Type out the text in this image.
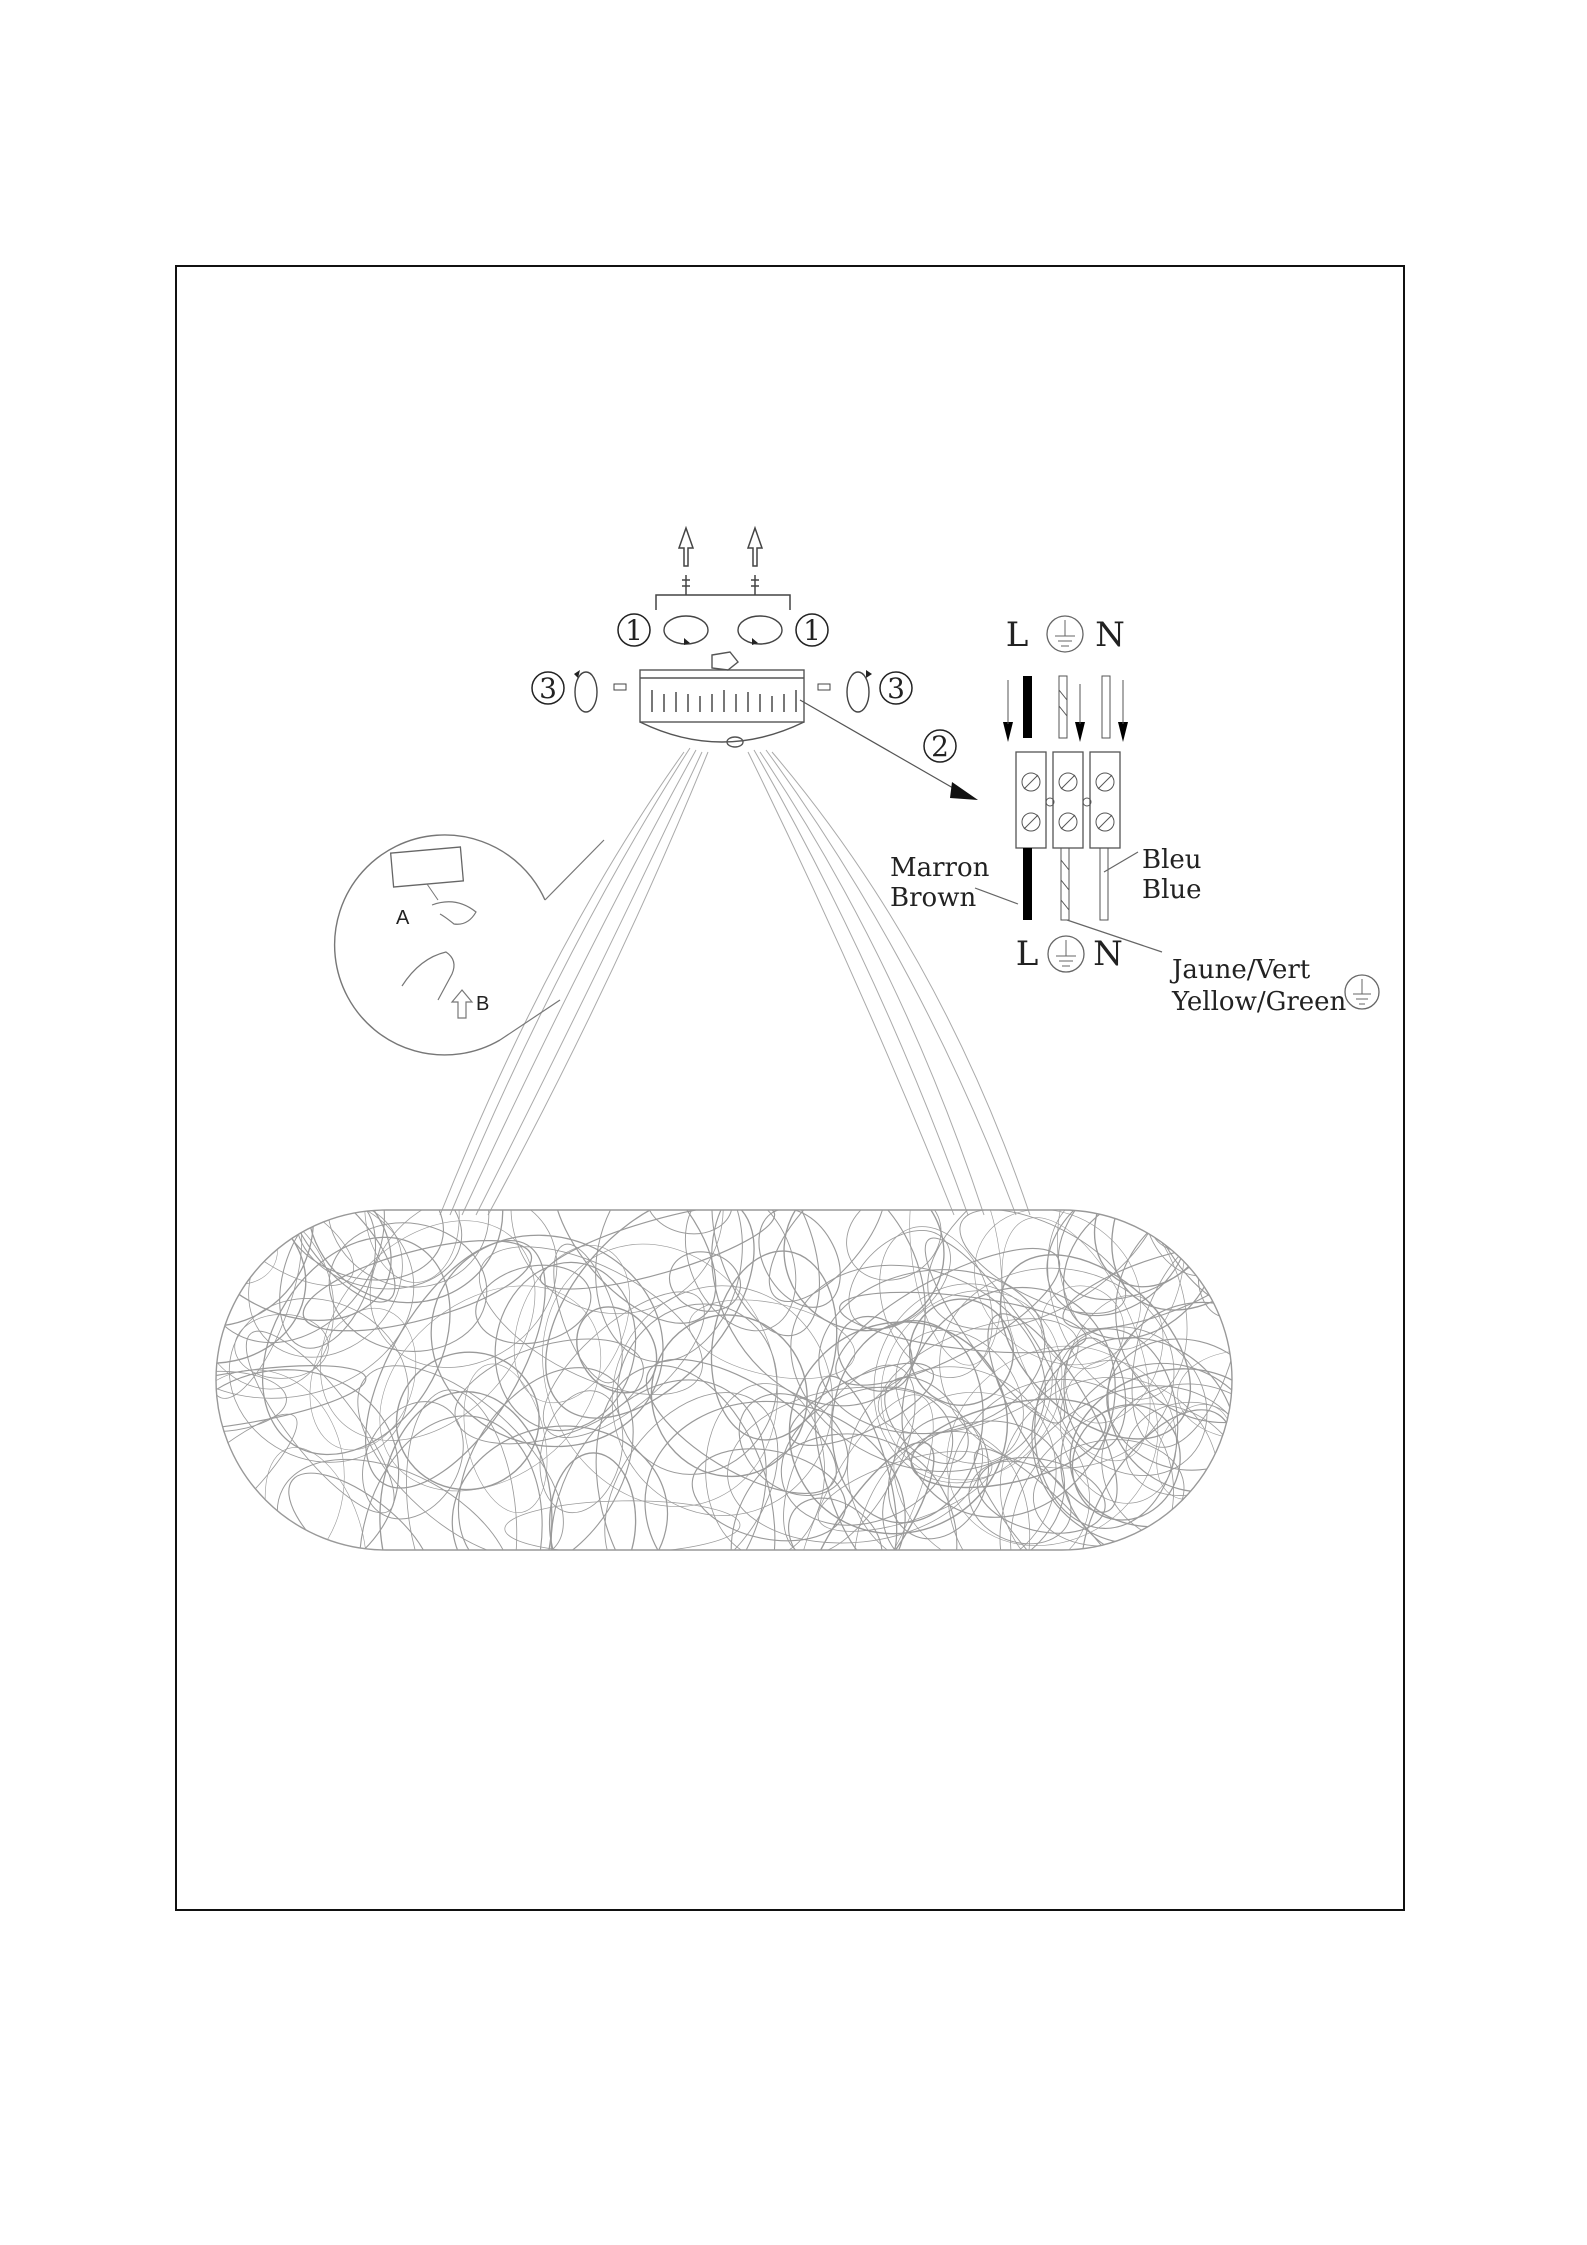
1	1
3	3
2
A
B
L N
L N
Marron
Brown
Bleu
Blue
Jaune/Vert
Yellow/Green
